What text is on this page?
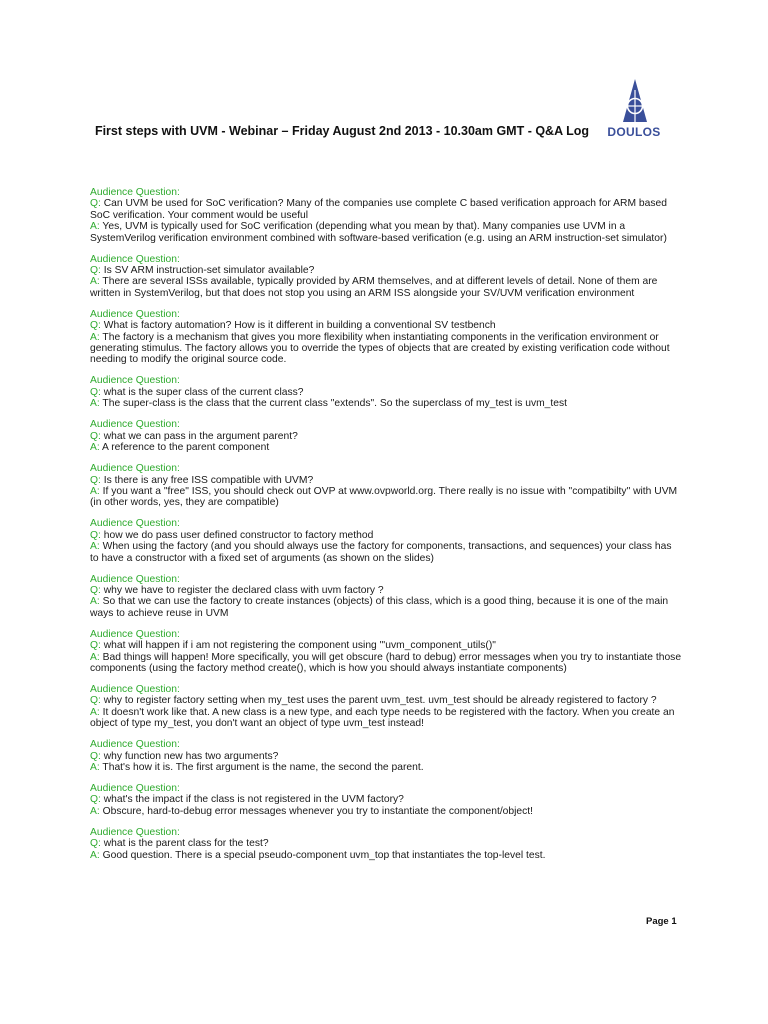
DOULOS
First steps with UVM - Webinar – Friday August 2nd 2013 - 10.30am GMT - Q&A Log

Audience Question:

Q: Can UVM be used for SoC verification? Many of the companies use complete C based verification approach for ARM based SoC verification. Your comment would be useful

A: Yes, UVM is typically used for SoC verification (depending what you mean by that). Many companies use UVM in a SystemVerilog verification environment combined with software-based verification (e.g. using an ARM instruction-set simulator)

Audience Question:

Q: Is SV ARM instruction-set simulator available?

A: There are several ISSs available, typically provided by ARM themselves, and at different levels of detail. None of them are written in SystemVerilog, but that does not stop you using an ARM ISS alongside your SV/UVM verification environment

Audience Question:

Q: What is factory automation? How is it different in building a conventional SV testbench

A: The factory is a mechanism that gives you more flexibility when instantiating components in the verification environment or generating stimulus. The factory allows you to override the types of objects that are created by existing verification code without needing to modify the original source code.

Audience Question:

Q: what is the super class of the current class?

A: The super-class is the class that the current class "extends". So the superclass of my_test is uvm_test

Audience Question:

Q: what we can pass in the argument parent?

A: A reference to the parent component

Audience Question:

Q: Is there is any free ISS compatible with UVM?

A: If you want a "free" ISS, you should check out OVP at www.ovpworld.org. There really is no issue with "compatibilty" with UVM (in other words, yes, they are compatible)

Audience Question:

Q: how we do pass user defined constructor to factory method

A: When using the factory (and you should always use the factory for components, transactions, and sequences) your class has to have a constructor with a fixed set of arguments (as shown on the slides)

Audience Question:

Q: why we have to register the declared class with uvm factory ?

A: So that we can use the factory to create instances (objects) of this class, which is a good thing, because it is one of the main ways to achieve reuse in UVM

Audience Question:

Q: what will happen if i am not registering the component using "'uvm_component_utils()"

A: Bad things will happen! More specifically, you will get obscure (hard to debug) error messages when you try to instantiate those components (using the factory method create(), which is how you should always instantiate components)

Audience Question:

Q: why to register factory setting when my_test uses the parent uvm_test. uvm_test should be already registered to factory ?

A: It doesn't work like that. A new class is a new type, and each type needs to be registered with the factory. When you create an object of type my_test, you don't want an object of type uvm_test instead!

Audience Question:

Q: why function new has two arguments?

A: That's how it is. The first argument is the name, the second the parent.

Audience Question:

Q: what's the impact if the class is not registered in the UVM factory?

A: Obscure, hard-to-debug error messages whenever you try to instantiate the component/object!

Audience Question:

Q: what is the parent class for the test?

A: Good question. There is a special pseudo-component uvm_top that instantiates the top-level test.

Page 1
